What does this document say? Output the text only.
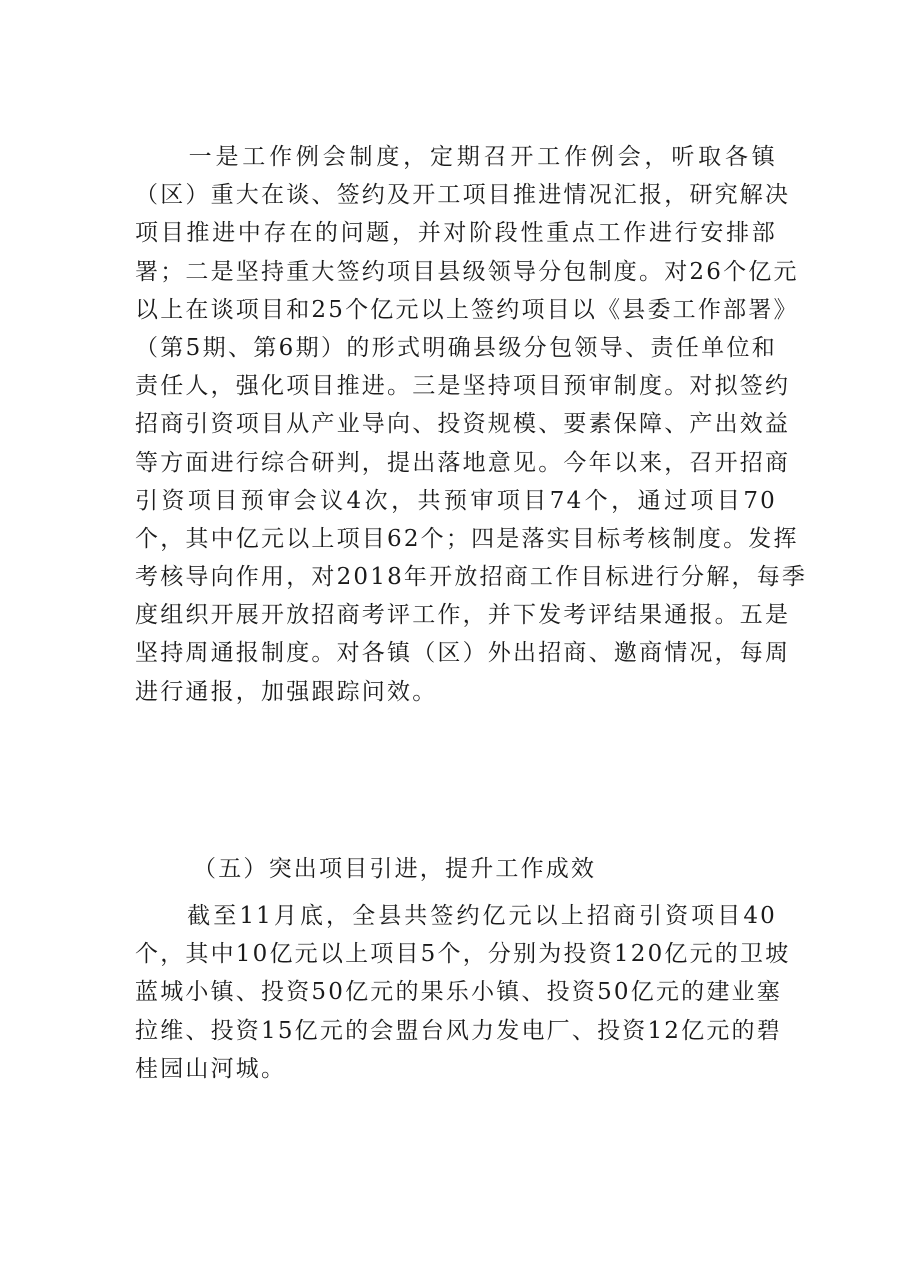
　　一是工作例会制度，定期召开工作例会，听取各镇
（区）重大在谈、签约及开工项目推进情况汇报，研究解决
项目推进中存在的问题，并对阶段性重点工作进行安排部
署；二是坚持重大签约项目县级领导分包制度。对26个亿元
以上在谈项目和25个亿元以上签约项目以《县委工作部署》
（第5期、第6期）的形式明确县级分包领导、责任单位和
责任人，强化项目推进。三是坚持项目预审制度。对拟签约
招商引资项目从产业导向、投资规模、要素保障、产出效益
等方面进行综合研判，提出落地意见。今年以来，召开招商
引资项目预审会议4次，共预审项目74个，通过项目70
个，其中亿元以上项目62个；四是落实目标考核制度。发挥
考核导向作用，对2018年开放招商工作目标进行分解，每季
度组织开展开放招商考评工作，并下发考评结果通报。五是
坚持周通报制度。对各镇（区）外出招商、邀商情况，每周
进行通报，加强跟踪问效。
（五）突出项目引进，提升工作成效
　　截至11月底，全县共签约亿元以上招商引资项目40
个，其中10亿元以上项目5个，分别为投资120亿元的卫坡
蓝城小镇、投资50亿元的果乐小镇、投资50亿元的建业塞
拉维、投资15亿元的会盟台风力发电厂、投资12亿元的碧
桂园山河城。
